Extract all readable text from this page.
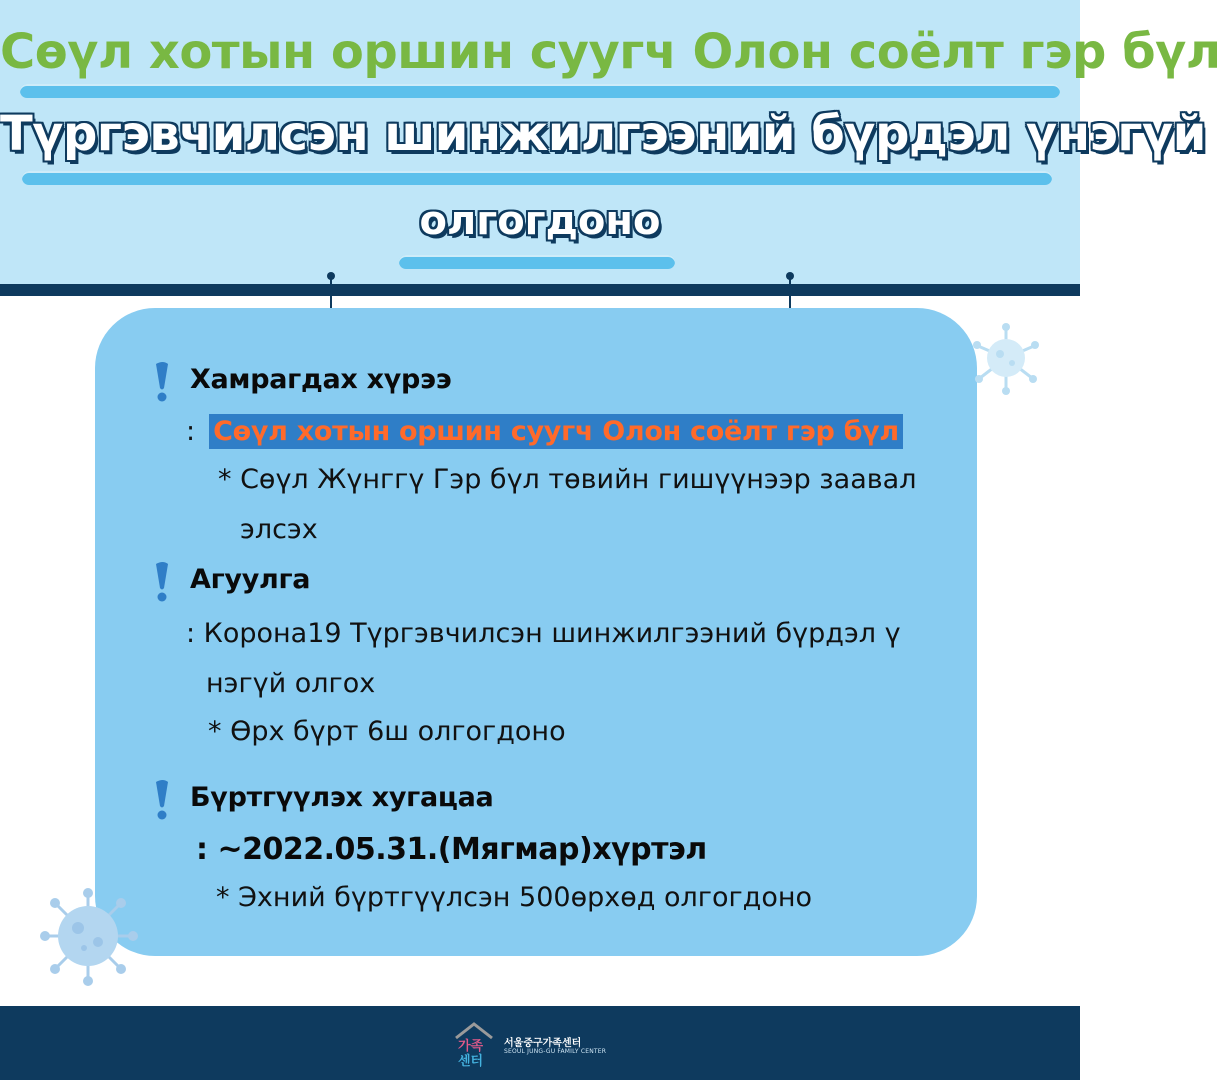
Сөүл хотын оршин суугч Олон соёлт гэр бүл
Түргэвчилсэн шинжилгээний бүрдэл үнэгүй
олгогдоно
Хамрагдах хүрээ
: Сөүл хотын оршин суугч Олон соёлт гэр бүл
* Сөүл Жүнггү Гэр бүл төвийн гишүүнээр заавал
элсэх
Агуулга
: Корона19 Түргэвчилсэн шинжилгээний бүрдэл ү
нэгүй олгох
* Өрх бүрт 6ш олгогдоно
Бүртгүүлэх хугацаа
: ~2022.05.31.(Мягмар)хүртэл
* Эхний бүртгүүлсэн 500өрхөд олгогдоно
가족
센터
서울중구가족센터
SEOUL JUNG-GU FAMILY CENTER
